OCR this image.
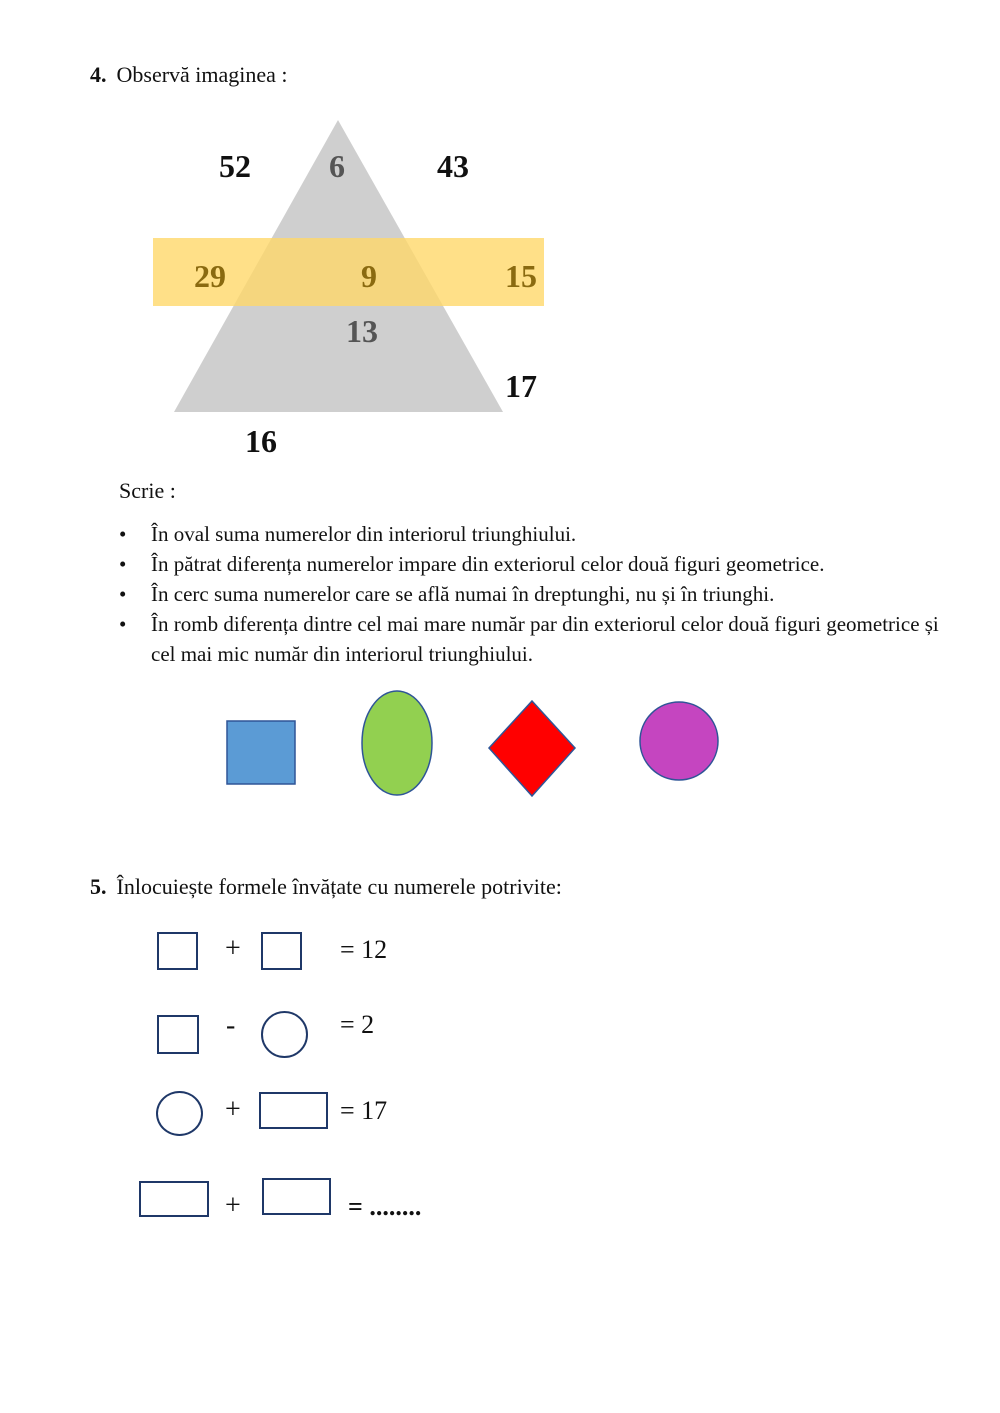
4. Observă imaginea :
52 6	43
29	9	15
13
17
16
Scrie :
• În oval suma numerelor din interiorul triunghiului.
• În pătrat diferența numerelor impare din exteriorul celor două figuri geometrice.
• În cerc suma numerelor care se află numai în dreptunghi, nu și în triunghi.
• În romb diferența dintre cel mai mare număr par din exteriorul celor două figuri geometrice și cel mai mic număr din interiorul triunghiului.
5. Înlocuiește formele învățate cu numerele potrivite:
+	= 12
-	= 2
+	= 17
+	= ........
